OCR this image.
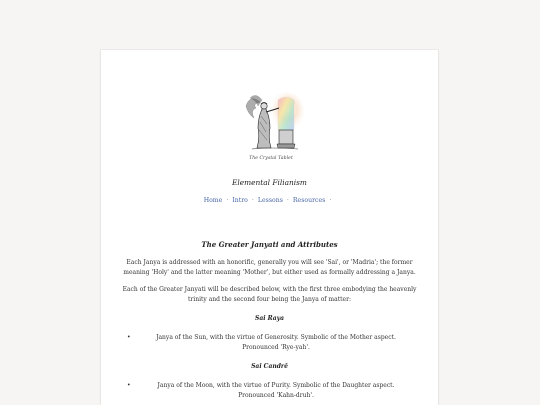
The Crystal Tablet
Elemental Filianism
Home · Intro · Lessons · Resources ·
The Greater Janyati and Attributes
Each Janya is addressed with an honorific, generally you will see 'Sai', or 'Madria'; the former meaning 'Holy' and the latter meaning 'Mother', but either used as formally addressing a Janya.
Each of the Greater Janyati will be described below, with the first three embodying the heavenly trinity and the second four being the Janya of matter:
Sai Raya
•	Janya of the Sun, with the virtue of Generosity. Symbolic of the Mother aspect. Pronounced 'Rye-yah'.
Sai Candrē
•	Janya of the Moon, with the virtue of Purity. Symbolic of the Daughter aspect. Pronounced 'Kahn-druh'.
